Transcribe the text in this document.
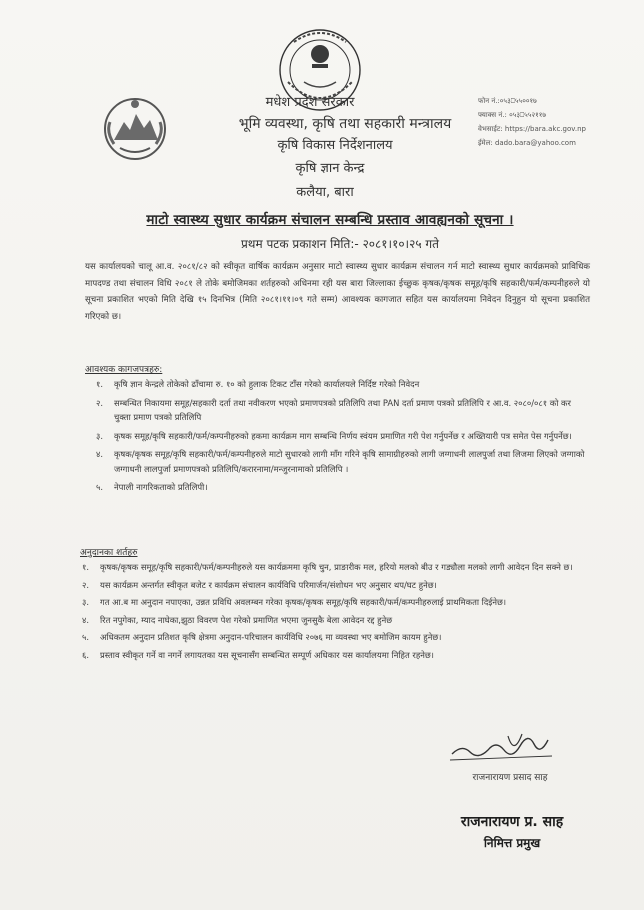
मधेश प्रदेश सरकार
भूमि व्यवस्था, कृषि तथा सहकारी मन्त्रालय
कृषि विकास निर्देशनालय
कृषि ज्ञान केन्द्र
कलैया, बारा
फोन नं.:०५३⎕५५००१७
फ्याक्स नं.: ०५३⎕५५२११७
वेभसाईट: https://bara.akc.gov.np
ईमेल: dado.bara@yahoo.com
माटो स्वास्थ्य सुधार कार्यक्रम संचालन सम्बन्धि प्रस्ताव आवह्यनको सूचना ।
प्रथम पटक प्रकाशन मिति:- २०८१।१०।२५ गते
यस कार्यालयको चालू आ.व. २०८१/८२ को स्वीकृत वार्षिक कार्यक्रम अनुसार माटो स्वास्थ्य सुधार कार्यक्रम संचालन गर्न माटो स्वास्थ्य सुधार कार्यक्रमको प्राविधिक मापदण्ड तथा संचालन विधि २०८१ ले तोके बमोजिमका शर्तहरुको अधिनमा रही यस बारा जिल्लाका ईच्छुक कृषक/कृषक समूह/कृषि सहकारी/फर्म/कम्पनीहरुले यो सूचना प्रकाशित भएको मिति देखि १५ दिनभित्र (मिति २०८१।११।०९ गते सम्म) आवश्यक कागजात सहित यस कार्यालयमा निवेदन दिनुहुन यो सूचना प्रकाशित गरिएको छ।
आवश्यक कागजपत्रहरु:
१. कृषि ज्ञान केन्द्रले तोकेको ढाँचामा रु. १० को हुलाक टिकट टाँस गरेको कार्यालयले निर्दिष्ट गरेको निवेदन
२. सम्बन्धित निकायमा समूह/सहकारी दर्ता तथा नवीकरण भएको प्रमाणपत्रको प्रतिलिपि तथा PAN दर्ता प्रमाण पत्रको प्रतिलिपि र आ.व. २०८०/०८१ को कर चुक्ता प्रमाण पत्रको प्रतिलिपि
३. कृषक समूह/कृषि सहकारी/फर्म/कम्पनीहरुको हकमा कार्यक्रम माग सम्बन्धि निर्णय स्वंयम प्रमाणित गरी पेश गर्नुपर्नेछ र अख्तियारी पत्र समेत पेस गर्नुपर्नेछ।
४. कृषक/कृषक समूह/कृषि सहकारी/फर्म/कम्पनीहरुले माटो सुधारको लागी माँग गरिने कृषि सामाग्रीहरुको लागी जग्गाधनी लालपुर्जा तथा लिजमा लिएको जग्गाको जग्गाधनी लालपुर्जा प्रमाणपत्रको प्रतिलिपि/करारनामा/मन्जुरनामाको प्रतिलिपि ।
५. नेपाली नागरिकताको प्रतिलिपी।
अनुदानका शर्तहरु
१. कृषक/कृषक समूह/कृषि सहकारी/फर्म/कम्पनीहरुले यस कार्यक्रममा कृषि चुन, प्राङारीक मल, हरियो मलको बीउ र गड्यौला मलको लागी आवेदन दिन सक्ने छ।
२. यस कार्यक्रम अन्तर्गत स्वीकृत बजेट र कार्यक्रम संचालन कार्यविधि परिमार्जन/संशोधन भए अनुसार थप/घट हुनेछ।
३. गत आ.ब मा अनुदान नपाएका, उन्नत प्रविधि अवलम्बन गरेका कृषक/कृषक समूह/कृषि सहकारी/फर्म/कम्पनीहरुलाई प्राथमिकता दिईनेछ।
४. रित नपुगेका, म्याद नाघेका,झुठा विवरण पेश गरेको प्रमाणित भएमा जुनसुकै बेला आवेदन रद्द हुनेछ
५. अधिकतम अनुदान प्रतिशत कृषि क्षेत्रमा अनुदान-परिचालन कार्यविधि २०७६ मा व्यवस्था भए बमोजिम कायम हुनेछ।
६. प्रस्ताव स्वीकृत गर्ने वा नगर्ने लगायतका यस सूचनासँग सम्बन्धित सम्पूर्ण अधिकार यस कार्यालयमा निहित रहनेछ।
राजनारायण प्रसाद साह
राजनारायण प्र. साह
निमित्त प्रमुख
